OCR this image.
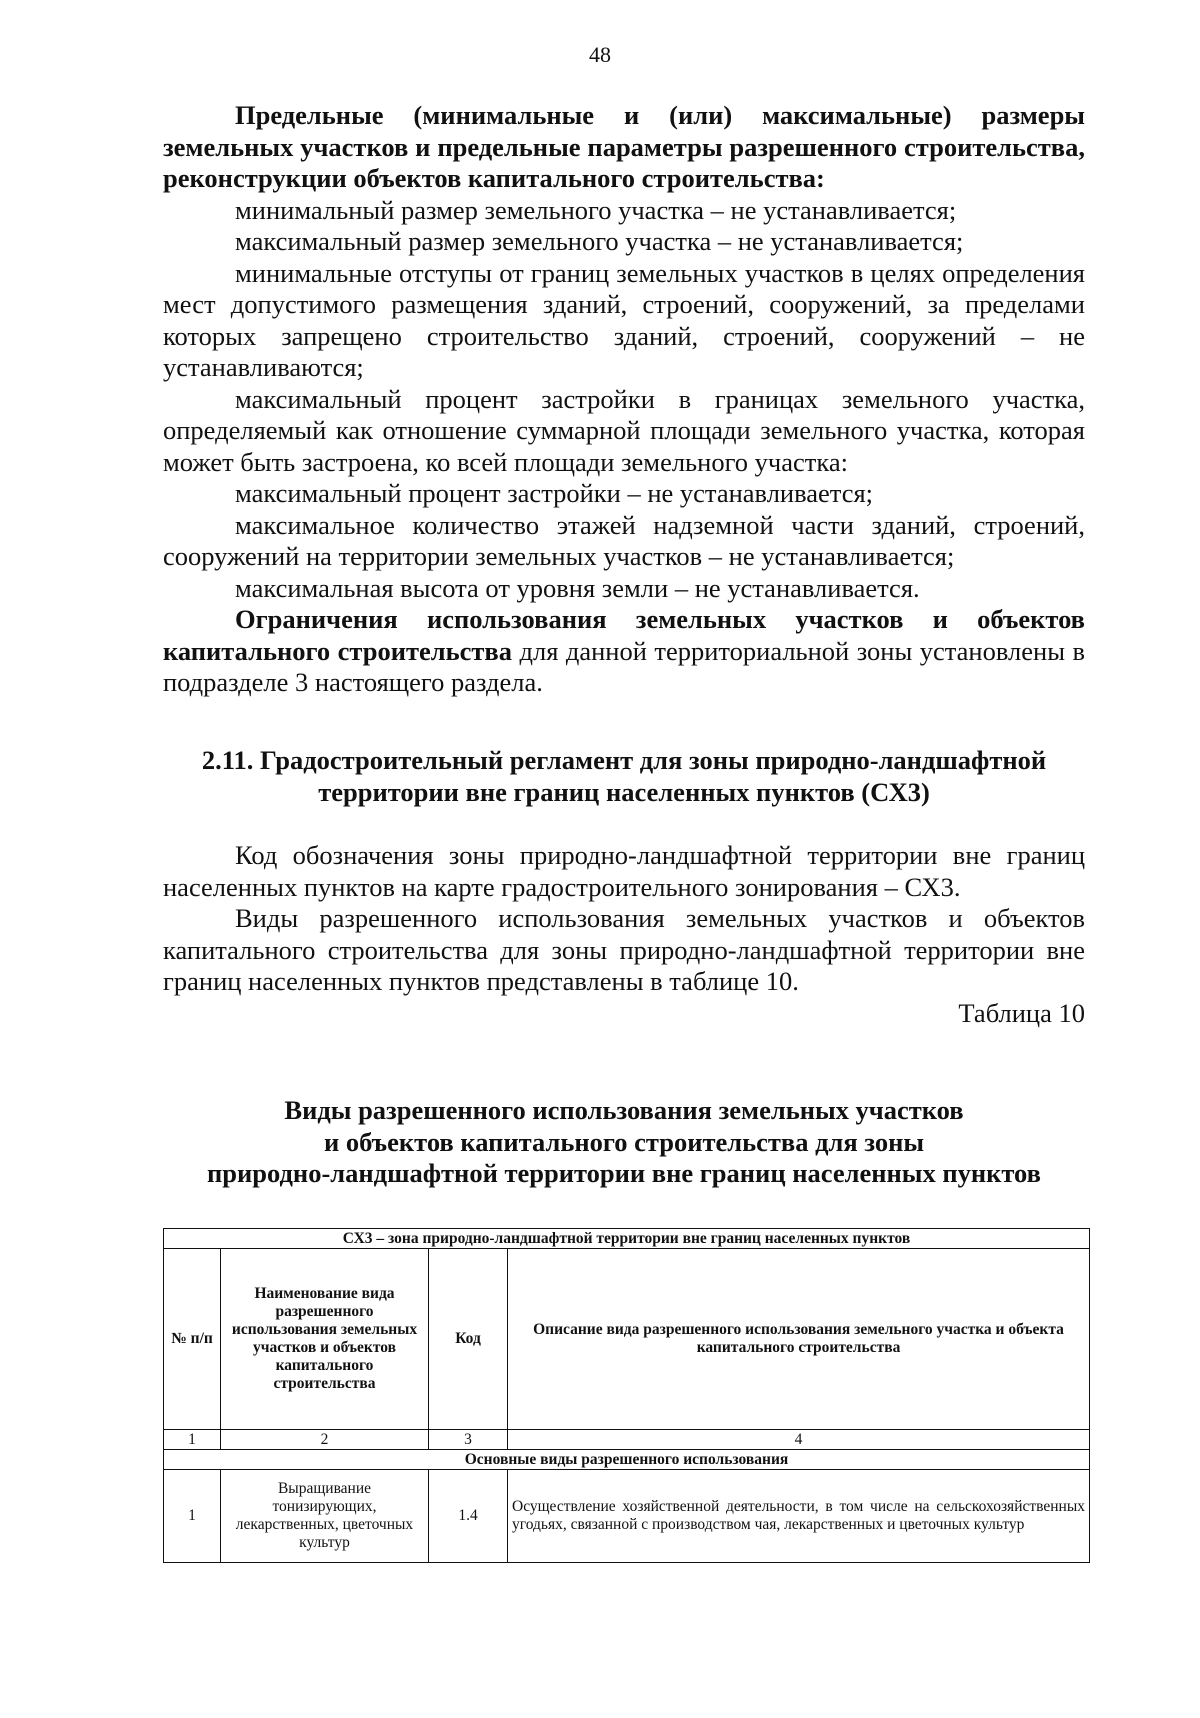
48

Предельные (минимальные и (или) максимальные) размеры земельных участков и предельные параметры разрешенного строительства, реконструкции объектов капитального строительства:

минимальный размер земельного участка – не устанавливается;

максимальный размер земельного участка – не устанавливается;

минимальные отступы от границ земельных участков в целях определения мест допустимого размещения зданий, строений, сооружений, за пределами которых запрещено строительство зданий, строений, сооружений – не устанавливаются;

максимальный процент застройки в границах земельного участка, определяемый как отношение суммарной площади земельного участка, которая может быть застроена, ко всей площади земельного участка:

максимальный процент застройки – не устанавливается;

максимальное количество этажей надземной части зданий, строений, сооружений на территории земельных участков – не устанавливается;

максимальная высота от уровня земли – не устанавливается.

Ограничения использования земельных участков и объектов капитального строительства для данной территориальной зоны установлены в подразделе 3 настоящего раздела.

2.11. Градостроительный регламент для зоны природно-ландшафтной территории вне границ населенных пунктов (СХ3)

Код обозначения зоны природно-ландшафтной территории вне границ населенных пунктов на карте градостроительного зонирования – СХ3.

Виды разрешенного использования земельных участков и объектов капитального строительства для зоны природно-ландшафтной территории вне границ населенных пунктов представлены в таблице 10.

Таблица 10

Виды разрешенного использования земельных участков

и объектов капитального строительства для зоны

природно-ландшафтной территории вне границ населенных пунктов

СХ3 – зона природно-ландшафтной территории вне границ населенных пунктов			
№ п/п	Наименование вида разрешенного использования земельных участков и объектов капитального строительства	Код	Описание вида разрешенного использования земельного участка и объекта капитального строительства
1	2	3	4
Основные виды разрешенного использования			
1	Выращивание тонизирующих, лекарственных, цветочных культур	1.4	Осуществление хозяйственной деятельности, в том числе на сельскохозяйственных угодьях, связанной с производством чая, лекарственных и цветочных культур
